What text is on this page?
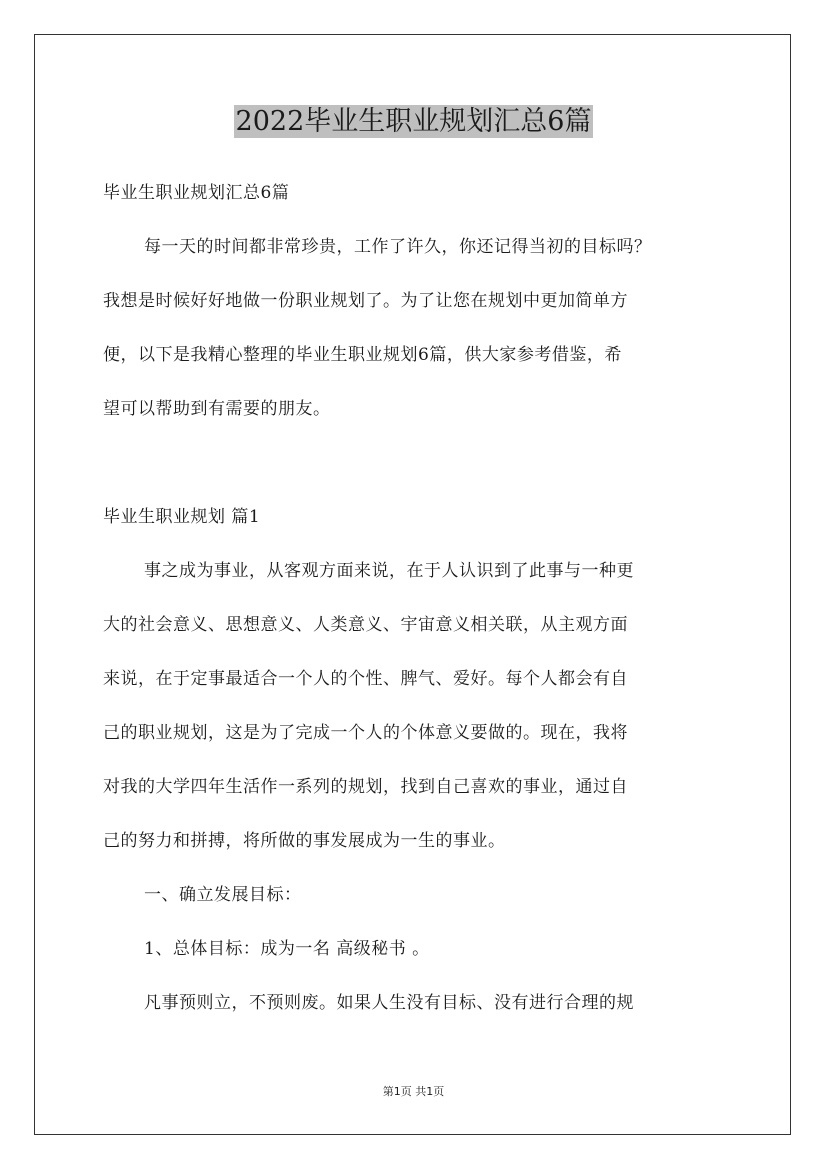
2022毕业生职业规划汇总6篇
毕业生职业规划汇总6篇
每一天的时间都非常珍贵，工作了许久，你还记得当初的目标吗？
我想是时候好好地做一份职业规划了。为了让您在规划中更加简单方
便，以下是我精心整理的毕业生职业规划6篇，供大家参考借鉴，希
望可以帮助到有需要的朋友。
毕业生职业规划 篇1
事之成为事业，从客观方面来说，在于人认识到了此事与一种更
大的社会意义、思想意义、人类意义、宇宙意义相关联，从主观方面
来说，在于定事最适合一个人的个性、脾气、爱好。每个人都会有自
己的职业规划，这是为了完成一个人的个体意义要做的。现在，我将
对我的大学四年生活作一系列的规划，找到自己喜欢的事业，通过自
己的努力和拼搏，将所做的事发展成为一生的事业。
一、确立发展目标：
1、总体目标：成为一名 高级秘书 。
凡事预则立，不预则废。如果人生没有目标、没有进行合理的规
第1页 共1页
